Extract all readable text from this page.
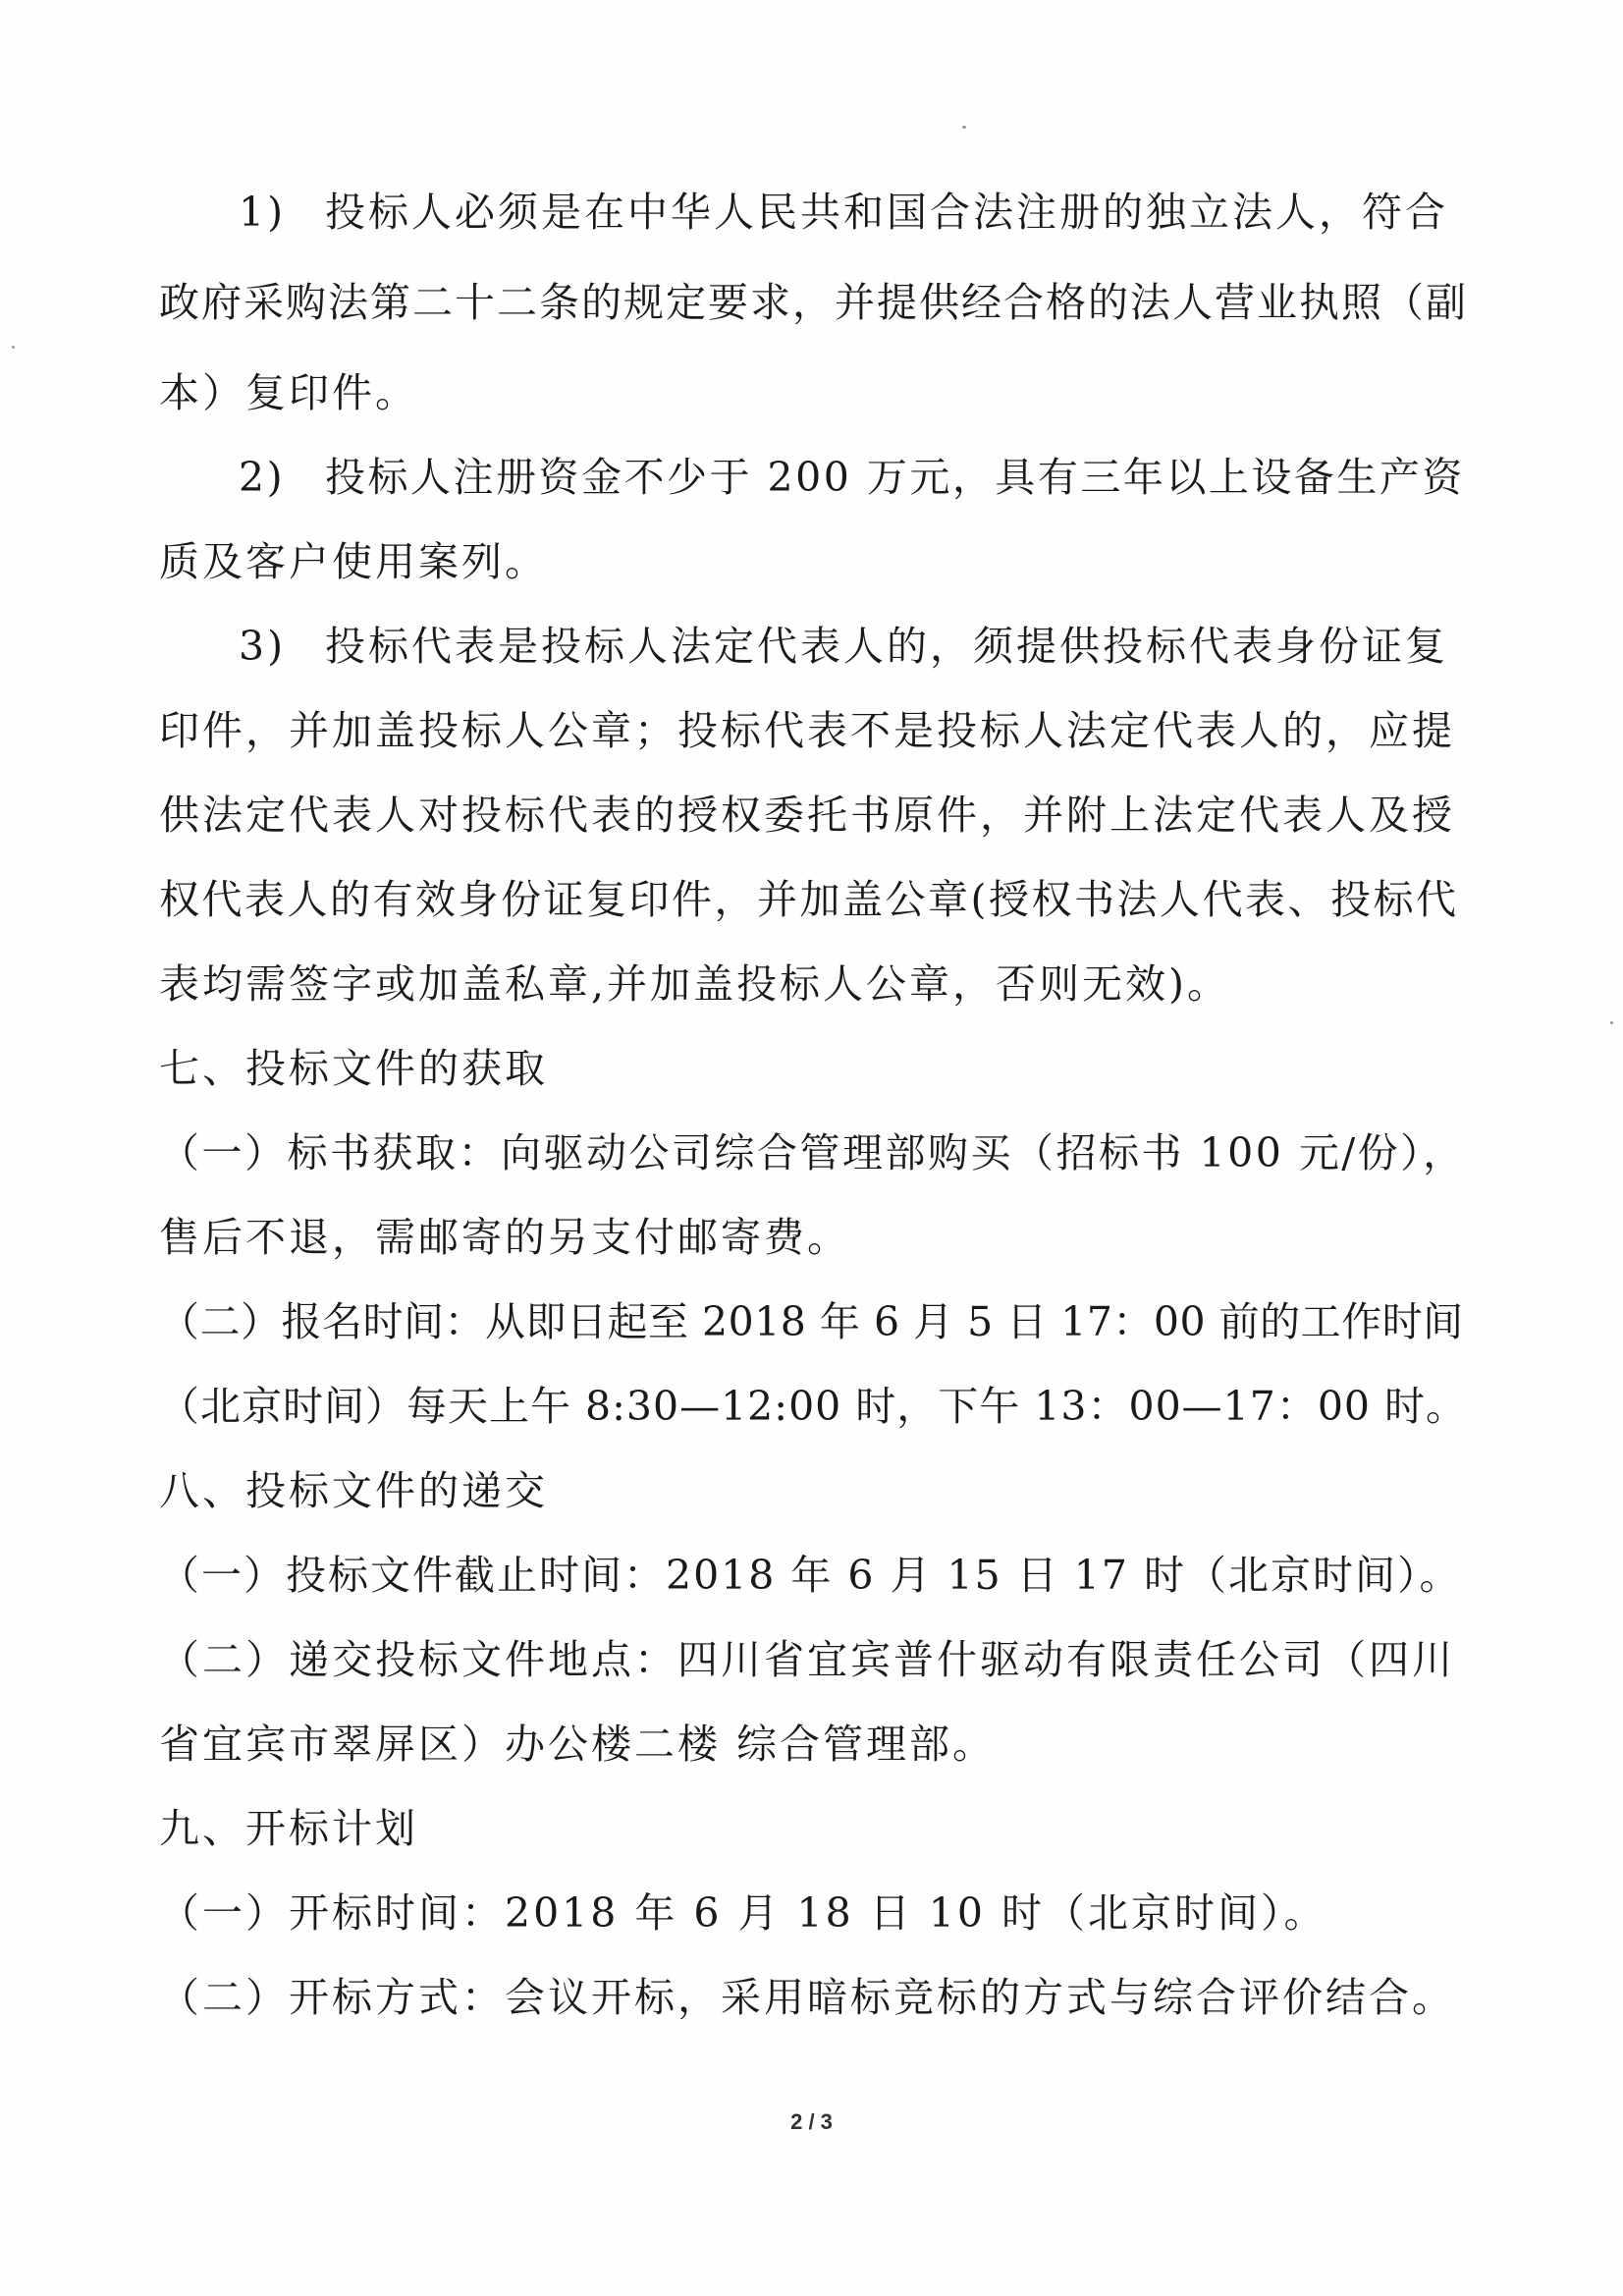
1) 投标人必须是在中华人民共和国合法注册的独立法人，符合
政府采购法第二十二条的规定要求，并提供经合格的法人营业执照（副
本）复印件。
2) 投标人注册资金不少于 200 万元，具有三年以上设备生产资
质及客户使用案列。
3) 投标代表是投标人法定代表人的，须提供投标代表身份证复
印件，并加盖投标人公章；投标代表不是投标人法定代表人的，应提
供法定代表人对投标代表的授权委托书原件，并附上法定代表人及授
权代表人的有效身份证复印件，并加盖公章(授权书法人代表、投标代
表均需签字或加盖私章,并加盖投标人公章，否则无效)。
七、投标文件的获取
（一）标书获取：向驱动公司综合管理部购买（招标书 100 元/份），
售后不退，需邮寄的另支付邮寄费。
（二）报名时间：从即日起至 2018 年 6 月 5 日 17：00 前的工作时间
（北京时间）每天上午 8:30—12:00 时，下午 13：00—17：00 时。
八、投标文件的递交
（一）投标文件截止时间：2018 年 6 月 15 日 17 时（北京时间）。
（二）递交投标文件地点：四川省宜宾普什驱动有限责任公司（四川
省宜宾市翠屏区）办公楼二楼 综合管理部。
九、开标计划
（一）开标时间：2018 年 6 月 18 日 10 时（北京时间）。
（二）开标方式：会议开标，采用暗标竞标的方式与综合评价结合。
2 / 3
